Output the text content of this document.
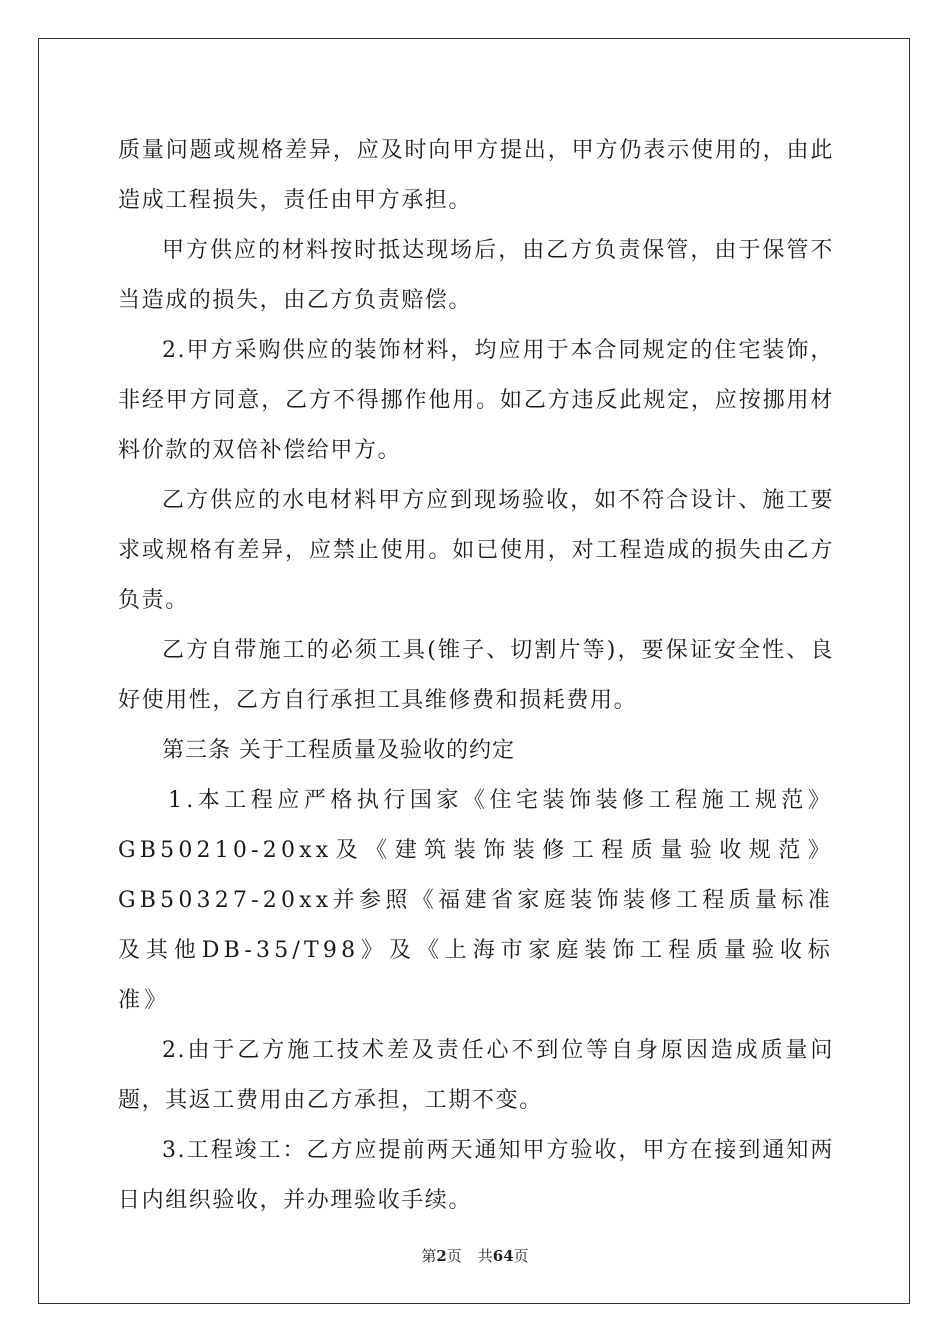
质量问题或规格差异，应及时向甲方提出，甲方仍表示使用的，由此造成工程损失，责任由甲方承担。

甲方供应的材料按时抵达现场后，由乙方负责保管，由于保管不当造成的损失，由乙方负责赔偿。

2.甲方采购供应的装饰材料，均应用于本合同规定的住宅装饰，非经甲方同意，乙方不得挪作他用。如乙方违反此规定，应按挪用材料价款的双倍补偿给甲方。

乙方供应的水电材料甲方应到现场验收，如不符合设计、施工要求或规格有差异，应禁止使用。如已使用，对工程造成的损失由乙方负责。

乙方自带施工的必须工具(锥子、切割片等)，要保证安全性、良好使用性，乙方自行承担工具维修费和损耗费用。

第三条 关于工程质量及验收的约定

1.本工程应严格执行国家《住宅装饰装修工程施工规范》GB50210-20xx及《建筑装饰装修工程质量验收规范》GB50327-20xx并参照《福建省家庭装饰装修工程质量标准及其他DB-35/T98》及《上海市家庭装饰工程质量验收标准》

2.由于乙方施工技术差及责任心不到位等自身原因造成质量问题，其返工费用由乙方承担，工期不变。

3.工程竣工：乙方应提前两天通知甲方验收，甲方在接到通知两日内组织验收，并办理验收手续。

第2页 共64页
